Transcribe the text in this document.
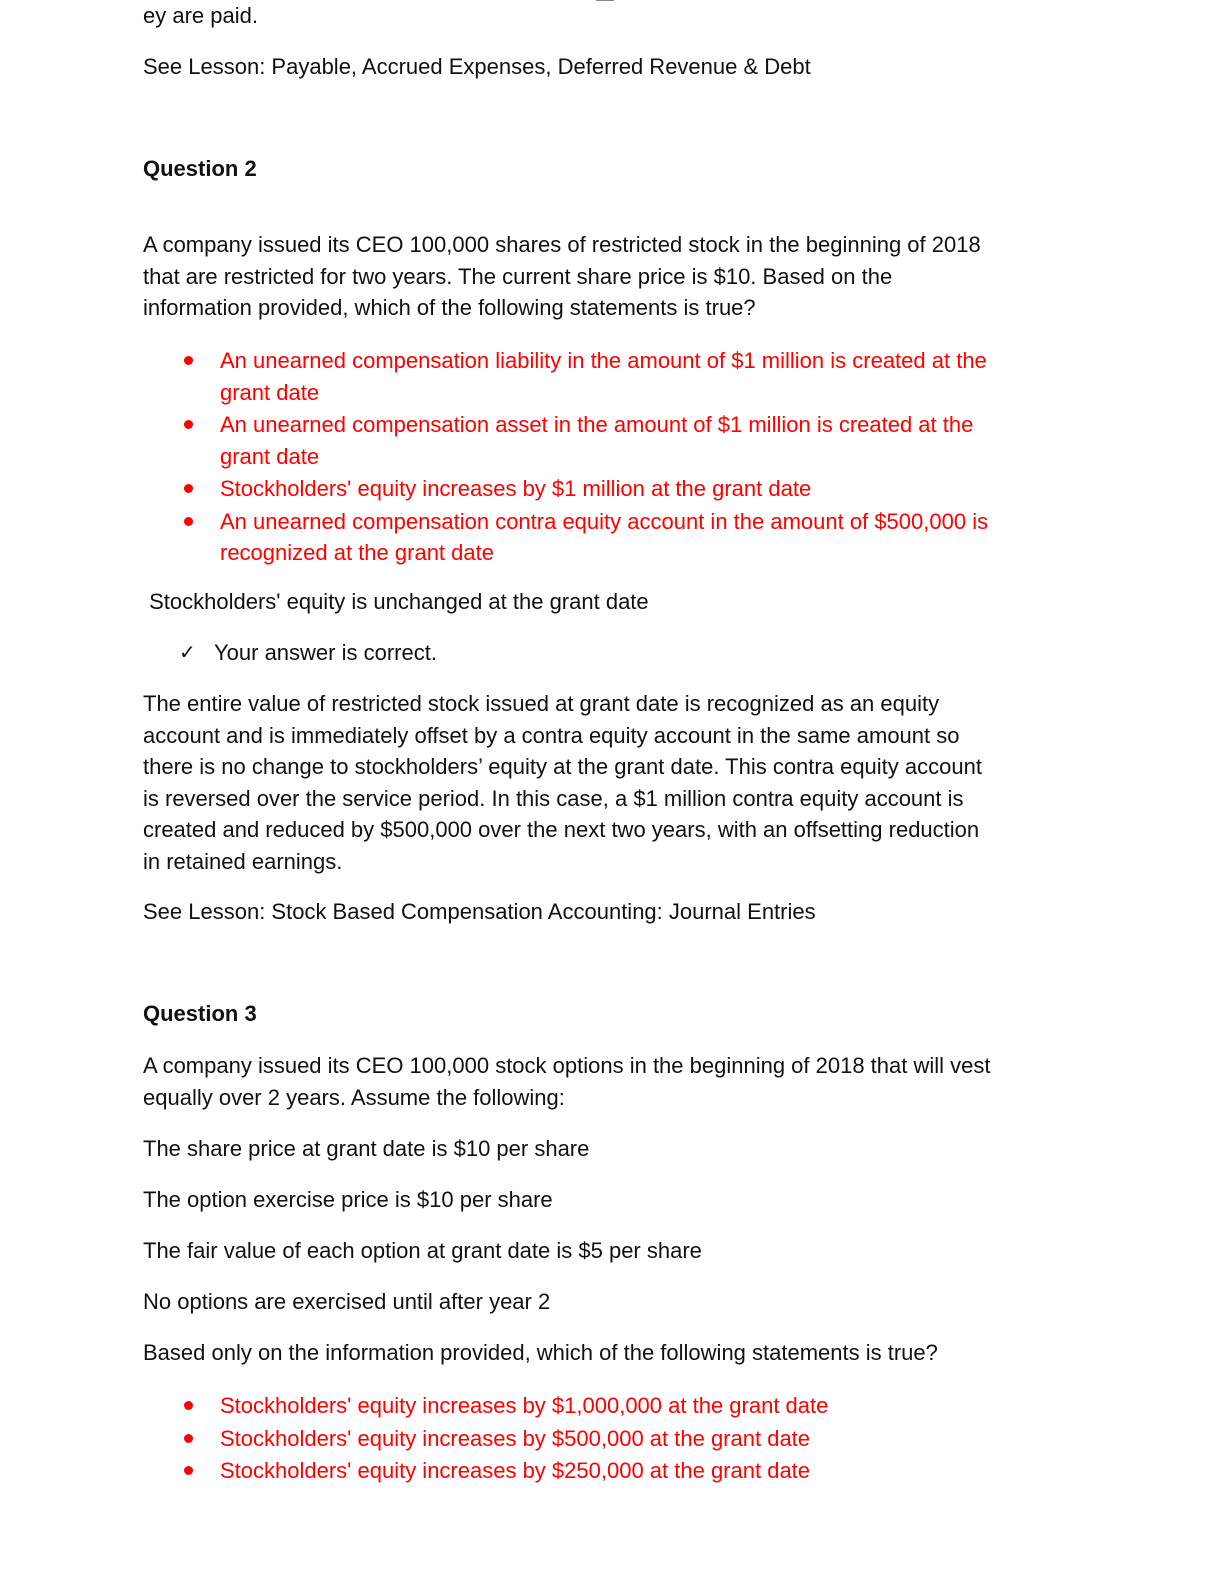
ey are paid.

See Lesson: Payable, Accrued Expenses, Deferred Revenue & Debt

Question 2

A company issued its CEO 100,000 shares of restricted stock in the beginning of 2018

that are restricted for two years. The current share price is $10. Based on the

information provided, which of the following statements is true?

An unearned compensation liability in the amount of $1 million is created at the
grant date
An unearned compensation asset in the amount of $1 million is created at the
grant date
Stockholders' equity increases by $1 million at the grant date
An unearned compensation contra equity account in the amount of $500,000 is
recognized at the grant date

Stockholders' equity is unchanged at the grant date

✓ Your answer is correct.

The entire value of restricted stock issued at grant date is recognized as an equity

account and is immediately offset by a contra equity account in the same amount so

there is no change to stockholders’ equity at the grant date. This contra equity account

is reversed over the service period. In this case, a $1 million contra equity account is

created and reduced by $500,000 over the next two years, with an offsetting reduction

in retained earnings.

See Lesson: Stock Based Compensation Accounting: Journal Entries

Question 3

A company issued its CEO 100,000 stock options in the beginning of 2018 that will vest

equally over 2 years. Assume the following:

The share price at grant date is $10 per share

The option exercise price is $10 per share

The fair value of each option at grant date is $5 per share

No options are exercised until after year 2

Based only on the information provided, which of the following statements is true?

Stockholders' equity increases by $1,000,000 at the grant date
Stockholders' equity increases by $500,000 at the grant date
Stockholders' equity increases by $250,000 at the grant date
